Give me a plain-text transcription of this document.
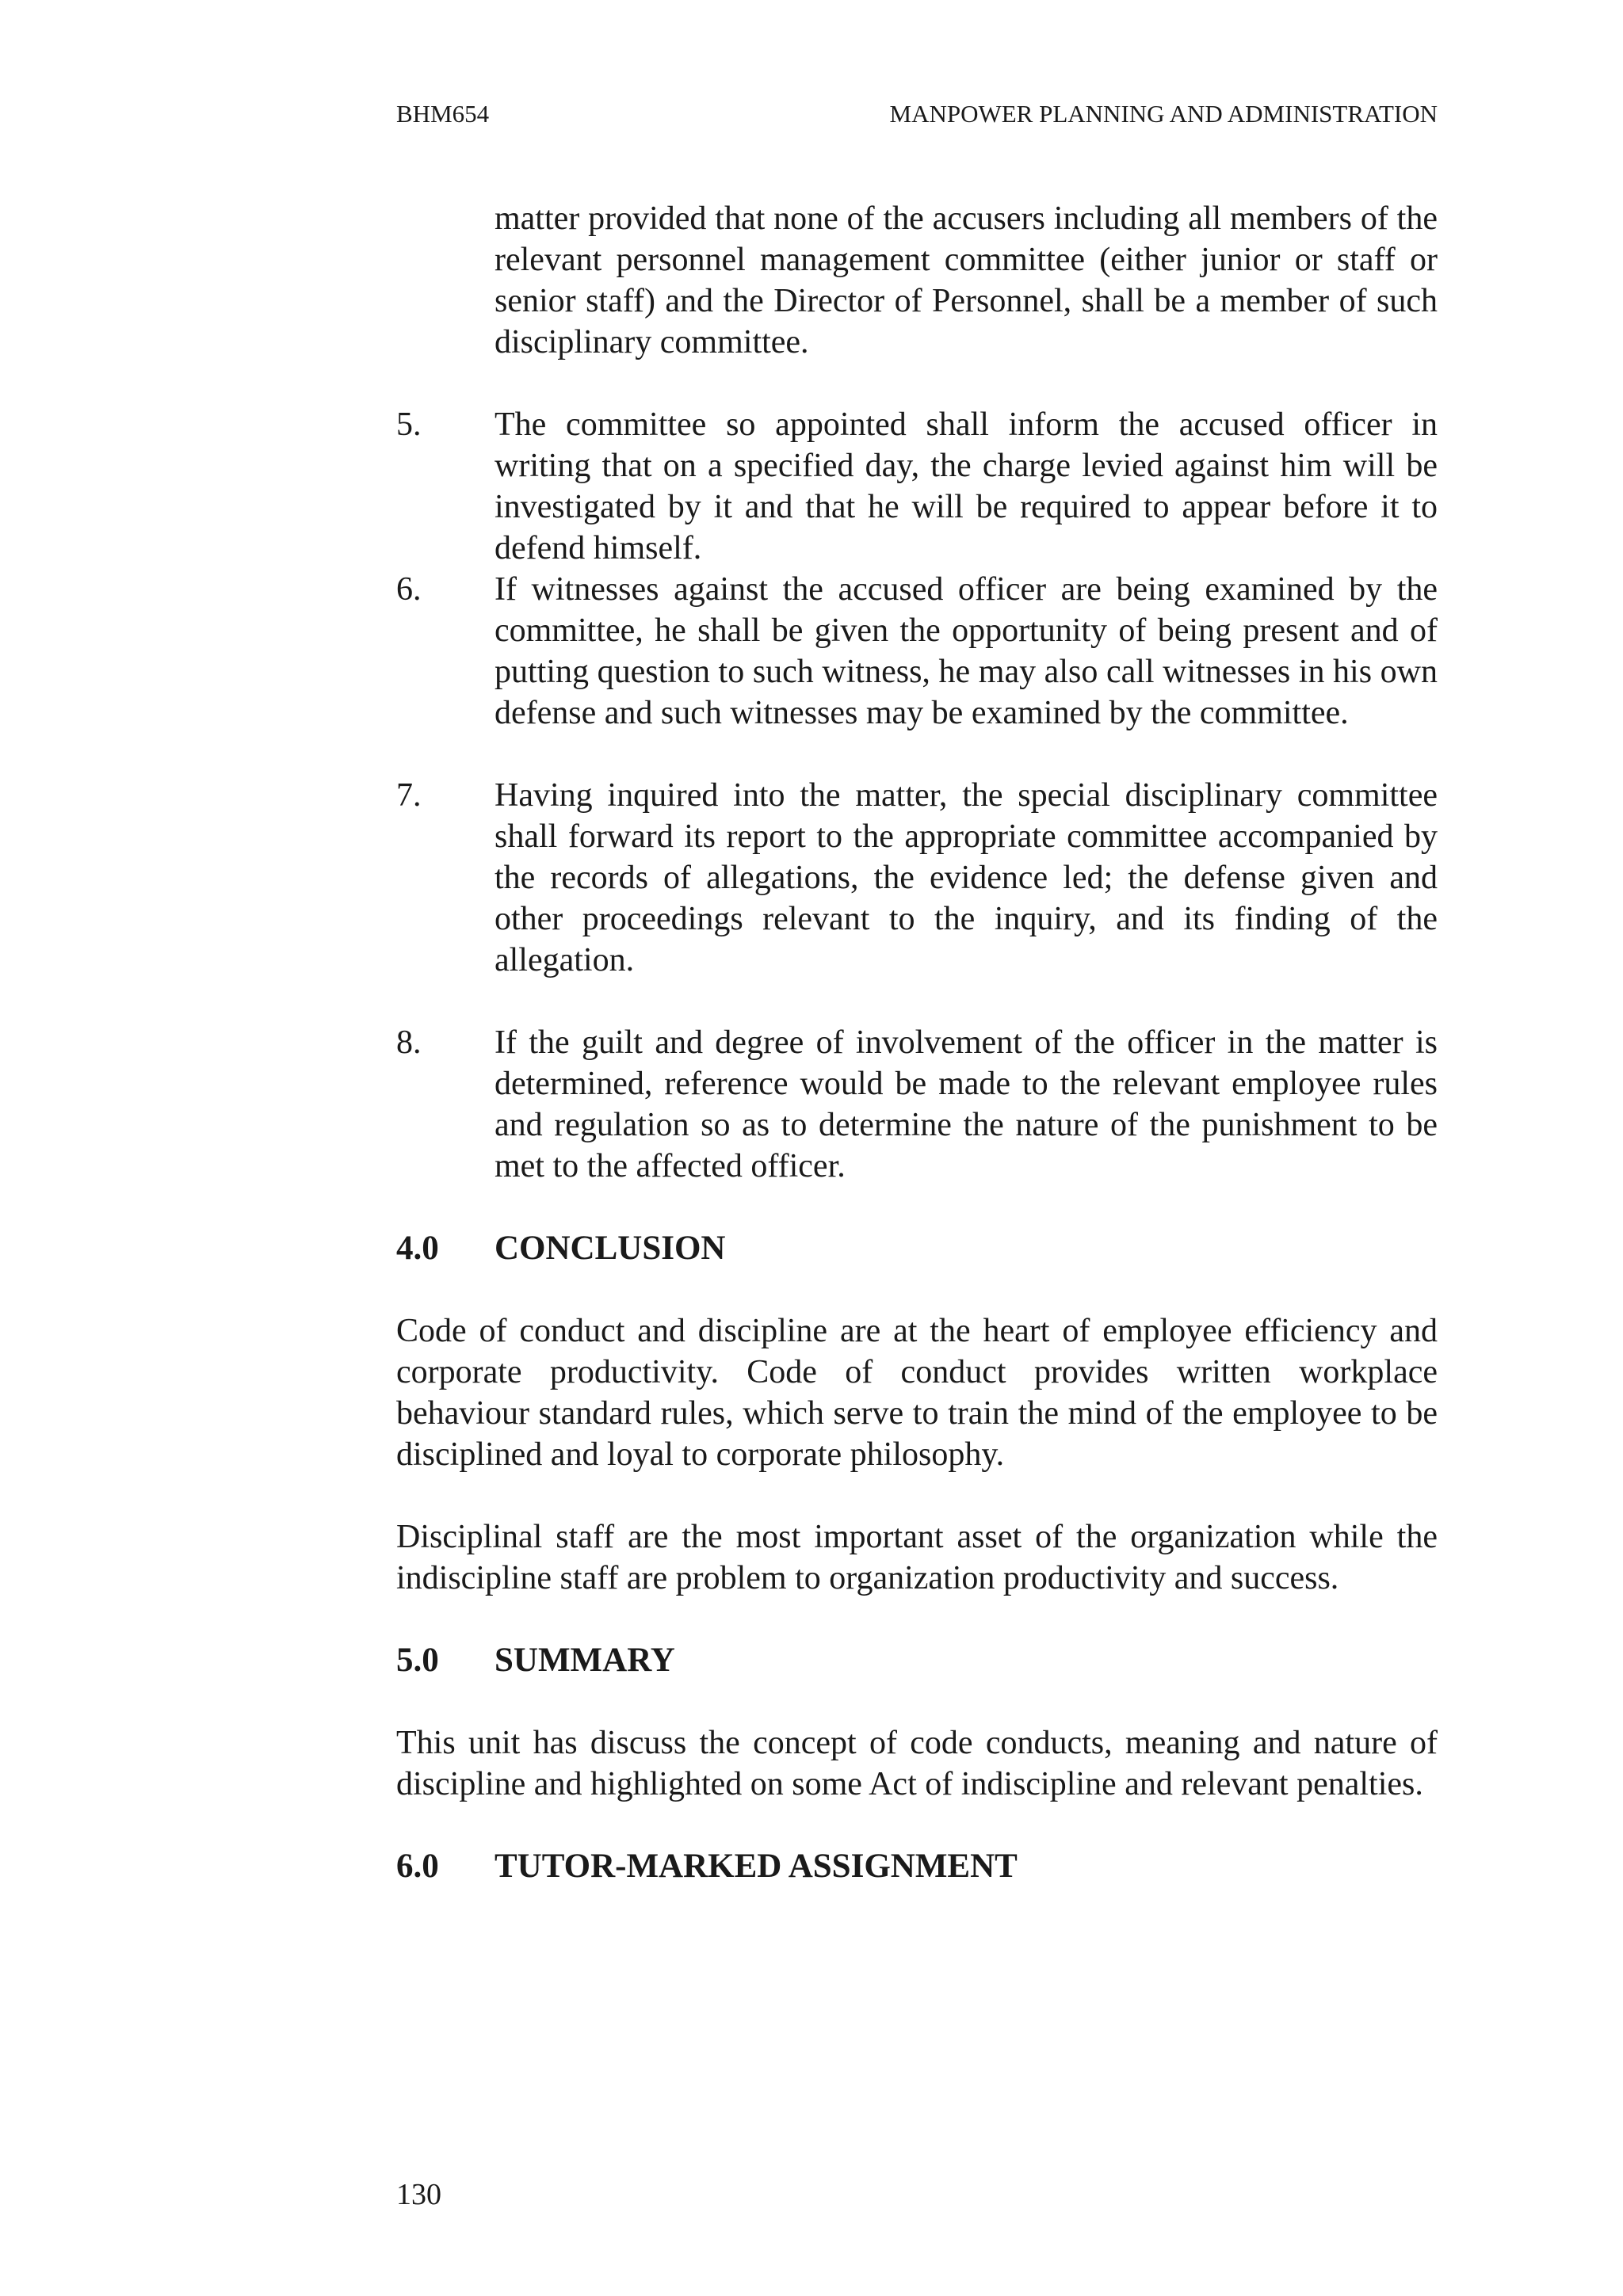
BHM654	MANPOWER PLANNING AND ADMINISTRATION

matter provided that none of the accusers including all members of the relevant personnel management committee (either junior or staff or senior staff) and the Director of Personnel, shall be a member of such disciplinary committee.

5.	The committee so appointed shall inform the accused officer in writing that on a specified day, the charge levied against him will be investigated by it and that he will be required to appear before it to defend himself.
6.	If witnesses against the accused officer are being examined by the committee, he shall be given the opportunity of being present and of putting question to such witness, he may also call witnesses in his own defense and such witnesses may be examined by the committee.
7.	Having inquired into the matter, the special disciplinary committee shall forward its report to the appropriate committee accompanied by the records of allegations, the evidence led; the defense given and other proceedings relevant to the inquiry, and its finding of the allegation.
8.	If the guilt and degree of involvement of the officer in the matter is determined, reference would be made to the relevant employee rules and regulation so as to determine the nature of the punishment to be met to the affected officer.
4.0	CONCLUSION

Code of conduct and discipline are at the heart of employee efficiency and corporate productivity. Code of conduct provides written workplace behaviour standard rules, which serve to train the mind of the employee to be disciplined and loyal to corporate philosophy.

Disciplinal staff are the most important asset of the organization while the indiscipline staff are problem to organization productivity and success.

5.0	SUMMARY

This unit has discuss the concept of code conducts, meaning and nature of discipline and highlighted on some Act of indiscipline and relevant penalties.

6.0	TUTOR-MARKED ASSIGNMENT
130
